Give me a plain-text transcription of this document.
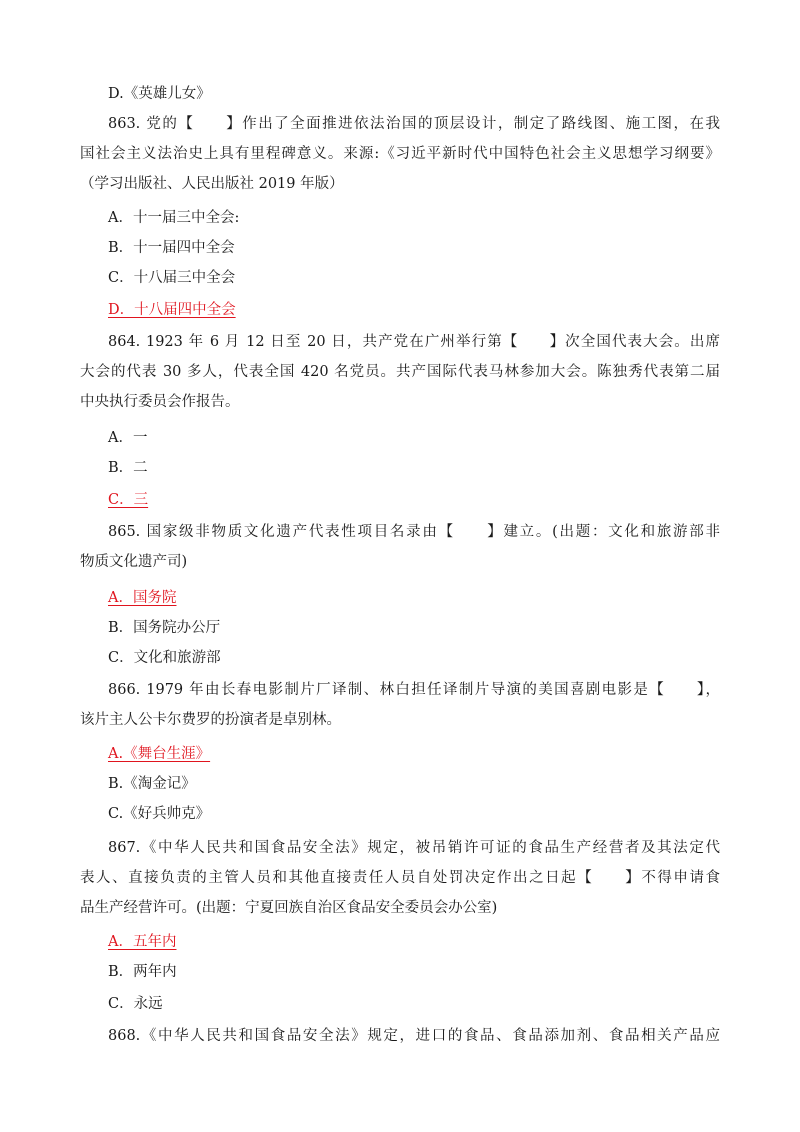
D.《英雄儿女》
863. 党的【　　】作出了全面推进依法治国的顶层设计，制定了路线图、施工图，在我
国社会主义法治史上具有里程碑意义。来源:《习近平新时代中国特色社会主义思想学习纲要》
（学习出版社、人民出版社 2019 年版）
A．十一届三中全会:
B．十一届四中全会
C．十八届三中全会
D．十八届四中全会
864. 1923 年 6 月 12 日至 20 日，共产党在广州举行第【　　】次全国代表大会。出席
大会的代表 30 多人，代表全国 420 名党员。共产国际代表马林参加大会。陈独秀代表第二届
中央执行委员会作报告。
A．一
B．二
C．三
865. 国家级非物质文化遗产代表性项目名录由【　　】建立。(出题：文化和旅游部非
物质文化遗产司)
A．国务院
B．国务院办公厅
C．文化和旅游部
866. 1979 年由长春电影制片厂译制、林白担任译制片导演的美国喜剧电影是【　　】，
该片主人公卡尔费罗的扮演者是卓别林。
A.《舞台生涯》
B.《淘金记》
C.《好兵帅克》
867.《中华人民共和国食品安全法》规定，被吊销许可证的食品生产经营者及其法定代
表人、直接负责的主管人员和其他直接责任人员自处罚决定作出之日起【　　】不得申请食
品生产经营许可。(出题：宁夏回族自治区食品安全委员会办公室)
A．五年内
B．两年内
C．永远
868.《中华人民共和国食品安全法》规定，进口的食品、食品添加剂、食品相关产品应
